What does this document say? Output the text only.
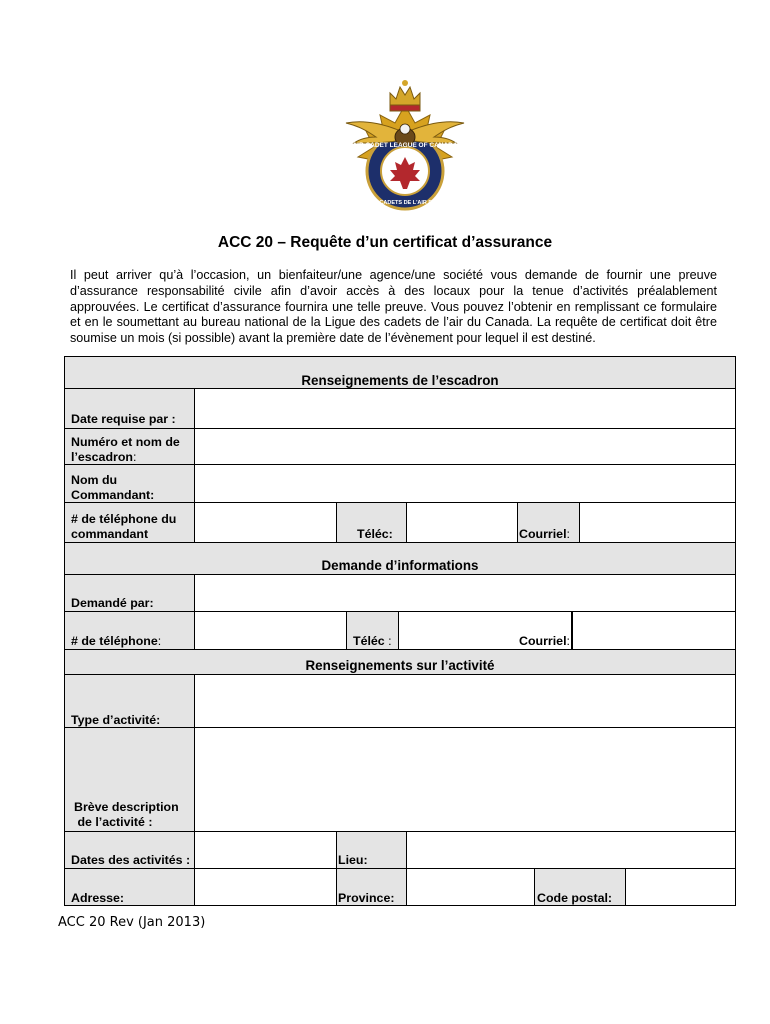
AIR CADET LEAGUE OF CANADA
LIGUE DES CADETS DE L'AIR DU CANADA
ACC 20 – Requête d’un certificat d’assurance
Il peut arriver qu’à l’occasion, un bienfaiteur/une agence/une société vous demande de fournir une preuve d’assurance responsabilité civile afin d’avoir accès à des locaux pour la tenue d’activités préalablement approuvées. Le certificat d’assurance fournira une telle preuve. Vous pouvez l’obtenir en remplissant ce formulaire et en le soumettant au bureau national de la Ligue des cadets de l’air du Canada. La requête de certificat doit être soumise un mois (si possible) avant la première date de l’évènement pour lequel il est destiné.
Renseignements de l’escadron
Date requise par :
Numéro et nom de
l’escadron:
Nom du
Commandant:
# de téléphone du
commandant	Téléc:	Courriel:
Demande d’informations
Demandé par:
# de téléphone:	Téléc :	Courriel:
Renseignements sur l’activité
Type d’activité:
Brève description
de l’activité :
Dates des activités :	Lieu:
Adresse:	Province:	Code postal:
ACC 20 Rev (Jan 2013)
